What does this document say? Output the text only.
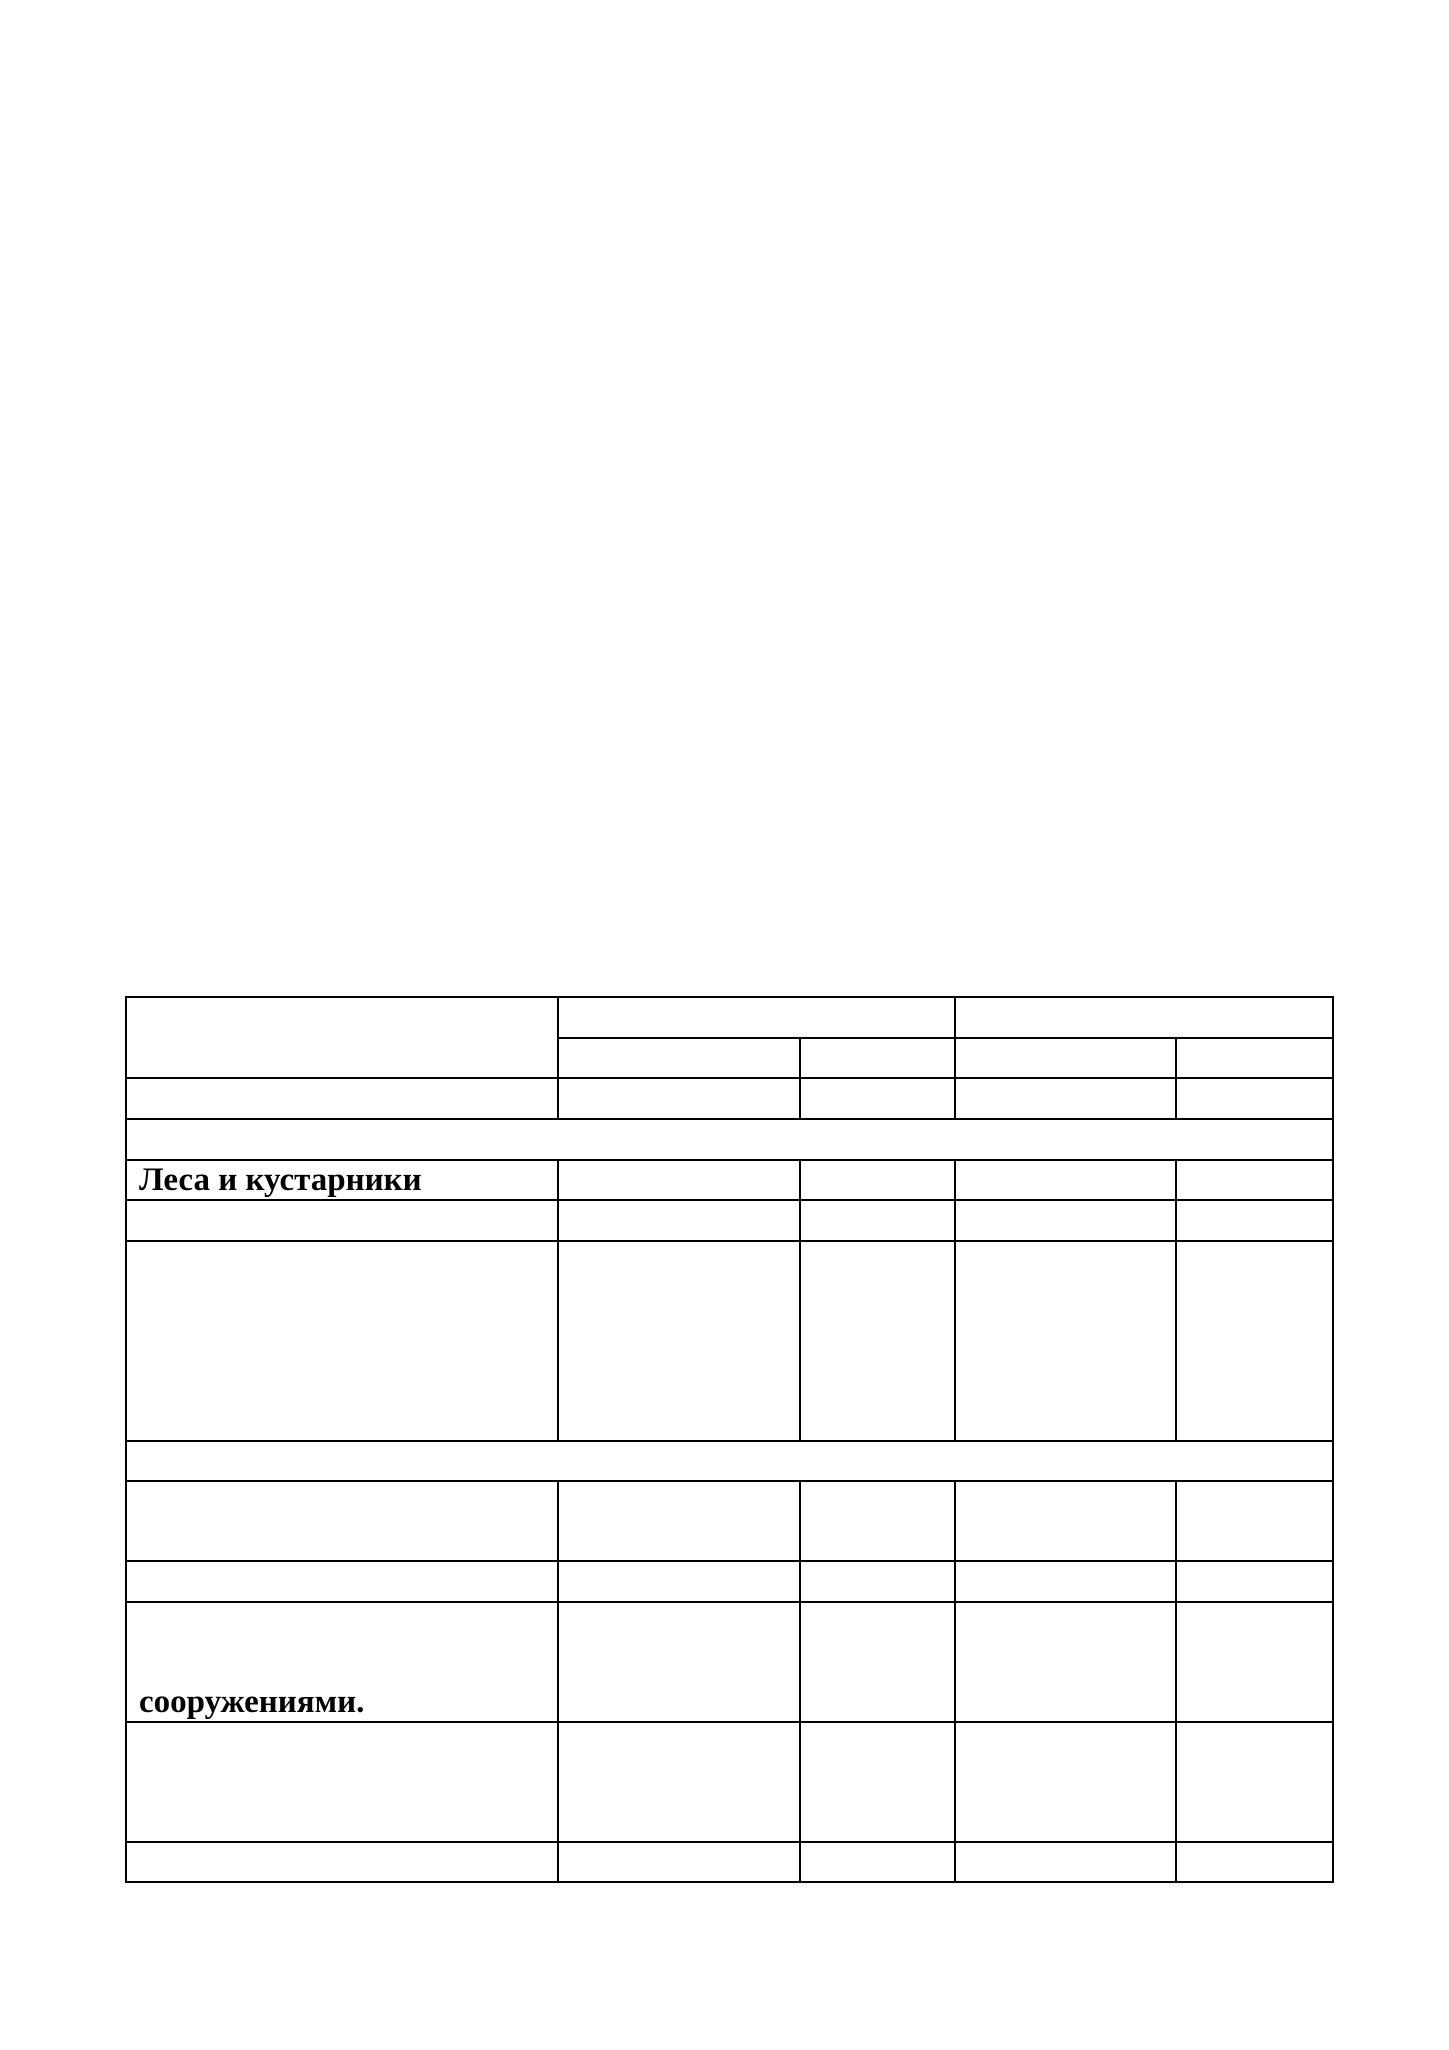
Леса и кустарники				

сооружениями.				
